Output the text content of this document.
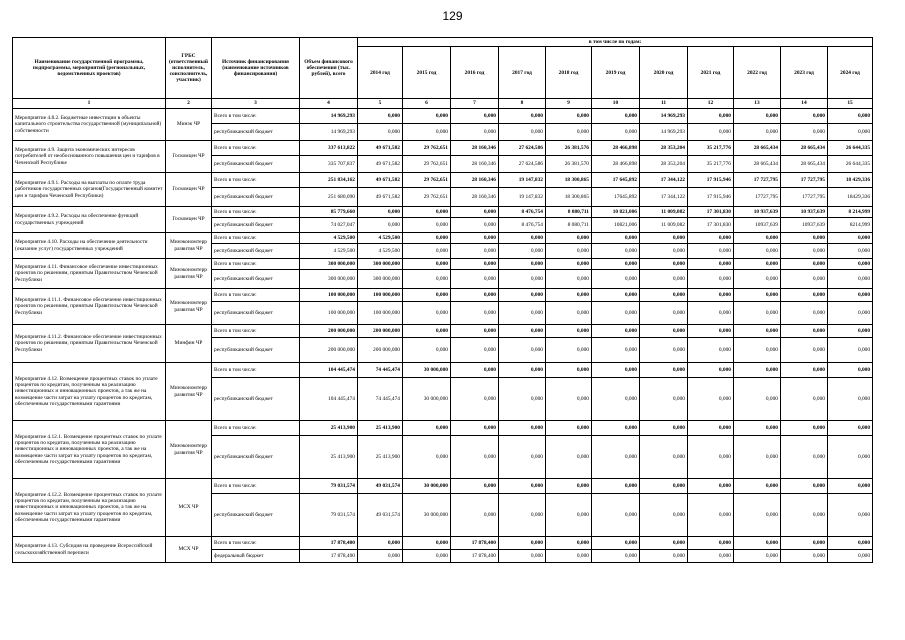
129
Наименование государственной программы, подпрограммы, мероприятий (региональных, ведомственных проектов)	ГРБС (ответственный исполнитель, соисполнитель, участник)	Источник финансирования (наименование источников финансирования)	Объем финансового обеспечения (тыс. рублей), всего	в том числе по годам:										
				2014 год	2015 год	2016 год	2017 год	2018 год	2019 год	2020 год	2021 год	2022 год	2023 год	2024 год
1	2	3	4	5	6	7	8	9	10	11	12	13	14	15
Мероприятие 4.8.2. Бюджетные инвестиции в объекты капитального строительства государственной (муниципальной) собственности	Минэк ЧР	Всего в том числе:	14 969,293	0,000	0,000	0,000	0,000	0,000	0,000	14 969,293	0,000	0,000	0,000	0,000
		республиканский бюджет	14 969,293	0,000	0,000	0,000	0,000	0,000	0,000	14 969,293	0,000	0,000	0,000	0,000
Мероприятие 4.9. Защита экономических интересов потребителей от необоснованного повышения цен и тарифов в Чеченской Республике	Госкомцен ЧР	Всего в том числе:	337 613,822	49 671,582	29 762,651	28 160,346	27 624,586	26 381,576	28 466,898	28 353,204	35 217,776	28 665,434	28 665,434	26 644,335
		республиканский бюджет	335 707,837	49 671,582	29 762,651	28 160,346	27 624,586	26 381,570	28 466,898	28 353,204	35 217,776	28 665,434	28 665,434	26 644,335
Мероприятие 4.9.1. Расходы на выплаты по оплате труда работников государственных органов(Государственный комитет цен и тарифов Чеченской Республики)	Госкомцен ЧР	Всего в том числе:	251 834,162	49 671,582	29 762,651	28 160,346	19 147,832	18 300,865	17 645,892	17 344,122	17 915,946	17 727,795	17 727,795	18 429,336
		республиканский бюджет	251 680,090	49 671,582	29 762,651	28 160,346	19 147,832	18 300,865	17645,892	17 344,122	17 915,946	17727,795	17727,795	18429,336
Мероприятие 4.9.2. Расходы на обеспечение функций государственных учреждений	Госкомцен ЧР	Всего в том числе:	85 779,660	0,000	0,000	0,000	8 476,754	8 080,711	10 821,006	11 009,082	17 301,830	10 937,639	10 937,639	8 214,999
		республиканский бюджет	74 027,047	0,000	0,000	0,000	8 476,754	8 080,711	10821,006	11 009,082	17 301,830	10937,639	10937,639	8214,999
Мероприятие 4.10. Расходы на обеспечение деятельности (оказание услуг) государственных учреждений	Минэкономтерр развития ЧР	Всего в том числе:	4 529,500	4 529,500	0,000	0,000	0,000	0,000	0,000	0,000	0,000	0,000	0,000	0,000
		республиканский бюджет	4 529,500	4 529,500	0,000	0,000	0,000	0,000	0,000	0,000	0,000	0,000	0,000	0,000
Мероприятие 4.11. Финансовое обеспечение инвестиционных проектов по решениям, принятым Правительством Чеченской Республики	Минэкономтерр развития ЧР	Всего в том числе:	300 000,000	300 000,000	0,000	0,000	0,000	0,000	0,000	0,000	0,000	0,000	0,000	0,000
		республиканский бюджет	300 000,000	300 000,000	0,000	0,000	0,000	0,000	0,000	0,000	0,000	0,000	0,000	0,000
Мероприятие 4.11.1. Финансовое обеспечение инвестиционных проектов по решениям, принятым Правительством Чеченской Республики	Минэкономтерр развития ЧР	Всего в том числе:	100 000,000	100 000,000	0,000	0,000	0,000	0,000	0,000	0,000	0,000	0,000	0,000	0,000
		республиканский бюджет	100 000,000	100 000,000	0,000	0,000	0,000	0,000	0,000	0,000	0,000	0,000	0,000	0,000
Мероприятие 4.11.2. Финансовое обеспечение инвестиционных проектов по решениям, принятым Правительством Чеченской Республики	Минфин ЧР	Всего в том числе:	200 000,000	200 000,000	0,000	0,000	0,000	0,000	0,000	0,000	0,000	0,000	0,000	0,000
		республиканский бюджет	200 000,000	200 000,000	0,000	0,000	0,000	0,000	0,000	0,000	0,000	0,000	0,000	0,000
Мероприятие 4.12. Возмещение процентных ставок по уплате процентов по кредитам, полученным на реализацию инвестиционных и инновационных проектов, а так же на возмещение части затрат на уплату процентов по кредитам, обеспеченным государственными гарантиями	Минэкономтерр развития ЧР	Всего в том числе:	104 445,474	74 445,474	30 000,000	0,000	0,000	0,000	0,000	0,000	0,000	0,000	0,000	0,000
		республиканский бюджет	104 445,474	74 445,474	30 000,000	0,000	0,000	0,000	0,000	0,000	0,000	0,000	0,000	0,000
Мероприятие 4.12.1. Возмещение процентных ставок по уплате процентов по кредитам, полученным на реализацию инвестиционных и инновационных проектов, а так же на возмещение части затрат на уплату процентов по кредитам, обеспеченным государственными гарантиями	Минэкономтерр развития ЧР	Всего в том числе:	25 413,900	25 413,900	0,000	0,000	0,000	0,000	0,000	0,000	0,000	0,000	0,000	0,000
		республиканский бюджет	25 413,900	25 413,900	0,000	0,000	0,000	0,000	0,000	0,000	0,000	0,000	0,000	0,000
Мероприятие 4.12.2. Возмещение процентных ставок по уплате процентов по кредитам, полученным на реализацию инвестиционных и инновационных проектов, а так же на возмещение части затрат на уплату процентов по кредитам, обеспеченным государственными гарантиями	МСХ ЧР	Всего в том числе:	79 031,574	49 031,574	30 000,000	0,000	0,000	0,000	0,000	0,000	0,000	0,000	0,000	0,000
		республиканский бюджет	79 031,574	49 031,574	30 000,000	0,000	0,000	0,000	0,000	0,000	0,000	0,000	0,000	0,000
Мероприятие 4.13. Субсидия на проведение Всероссийской сельскохозяйственной переписи	МСХ ЧР	Всего в том числе:	17 878,400	0,000	0,000	17 878,400	0,000	0,000	0,000	0,000	0,000	0,000	0,000	0,000
		федеральный бюджет	17 878,400	0,000	0,000	17 878,400	0,000	0,000	0,000	0,000	0,000	0,000	0,000	0,000
